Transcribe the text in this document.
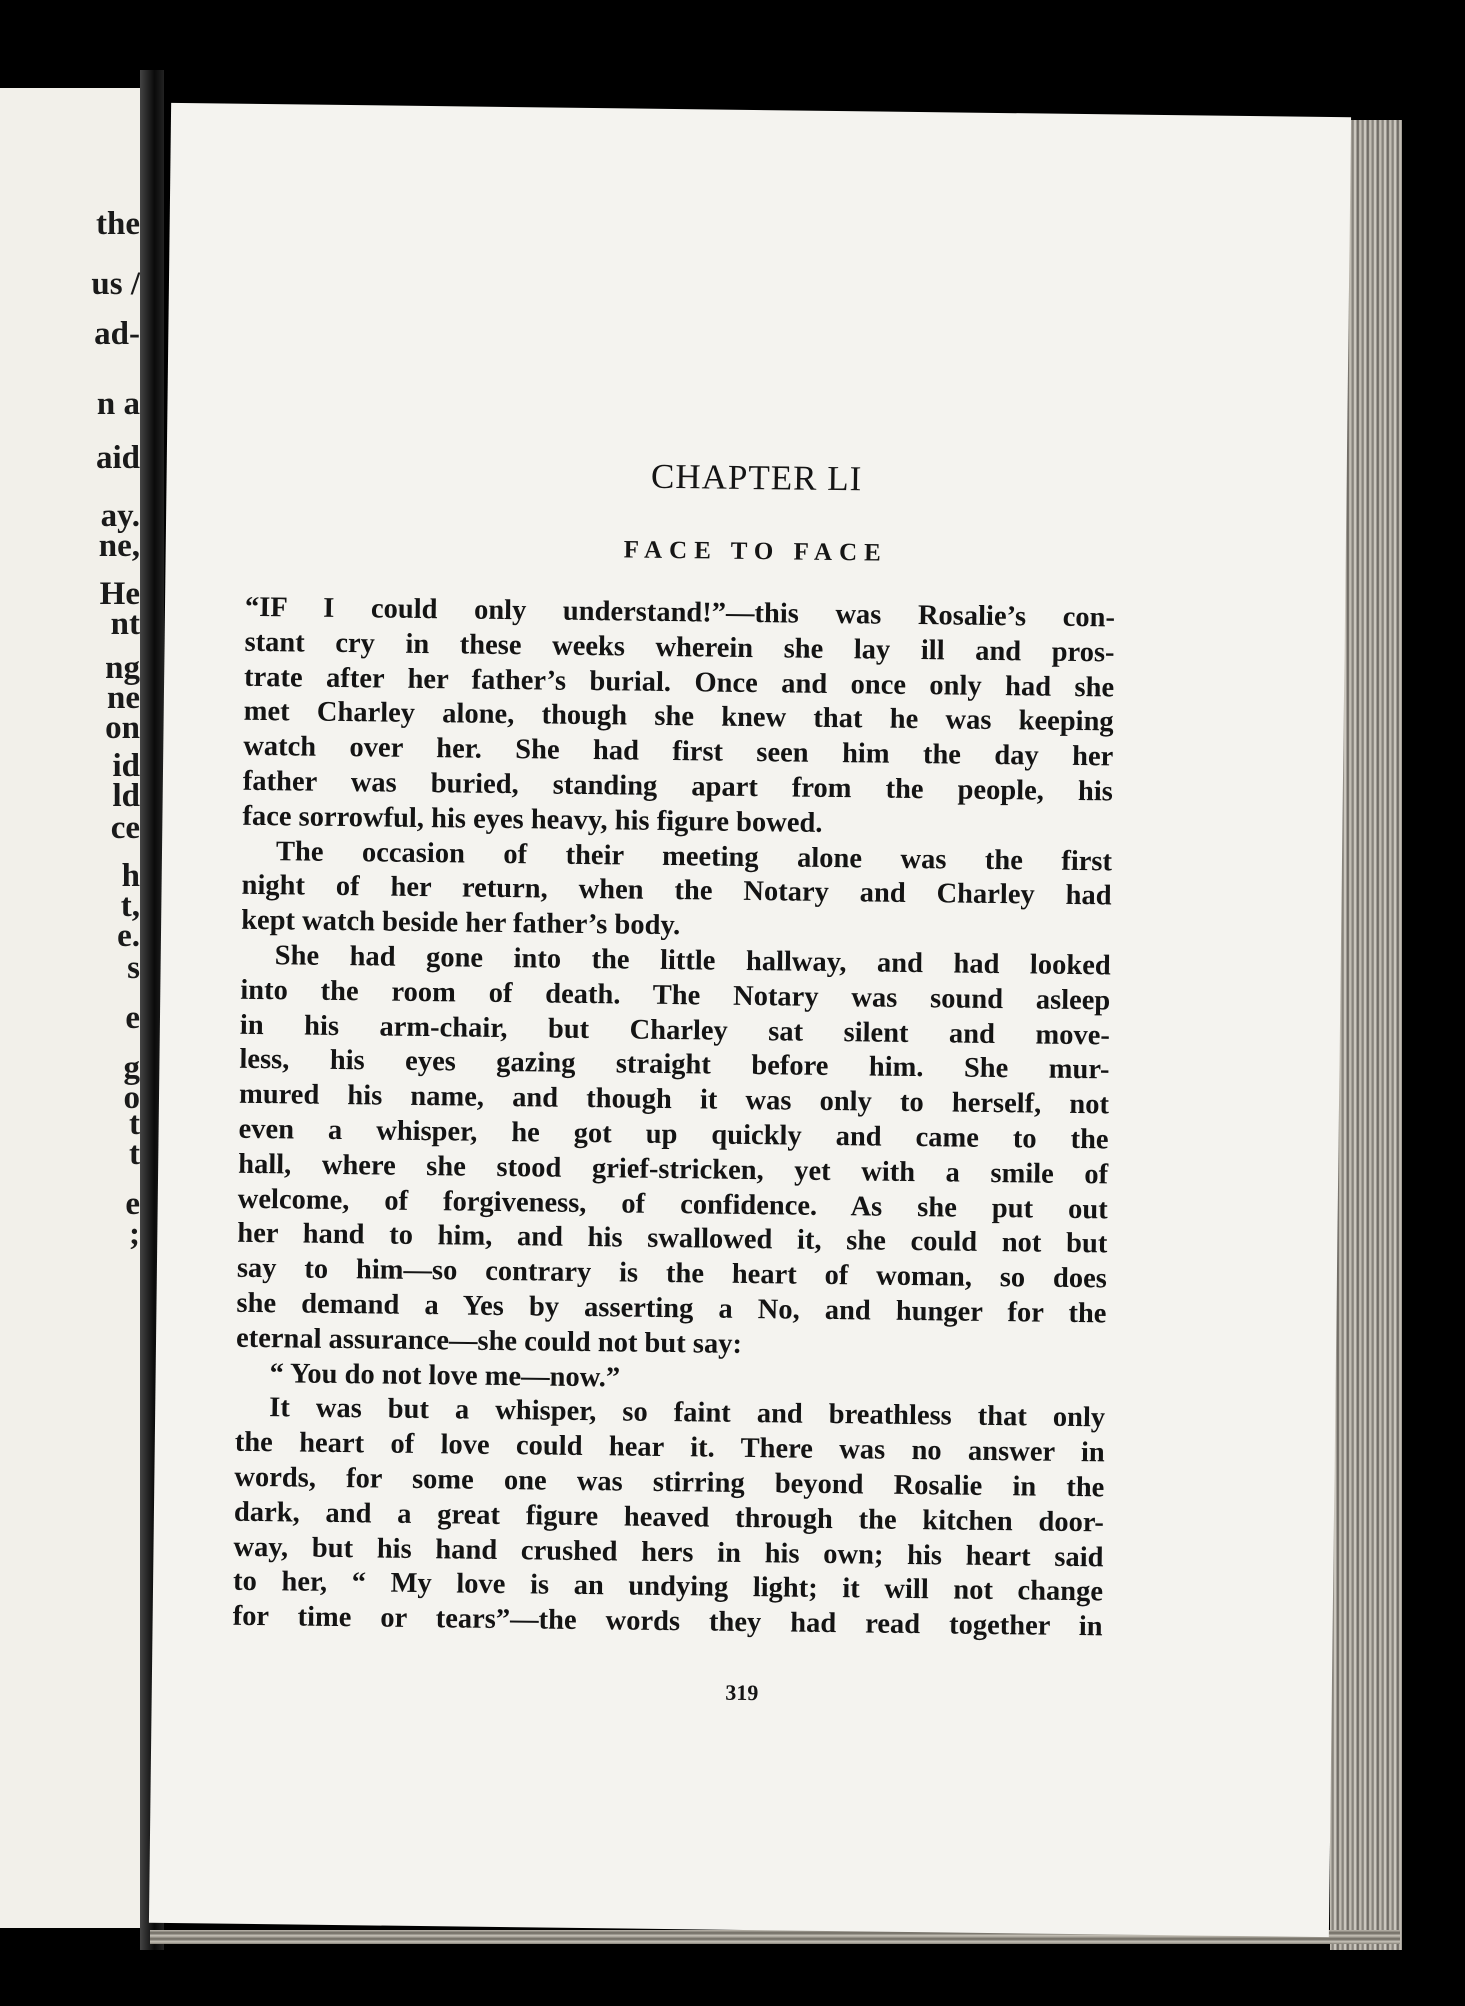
the
us /
ad-
n a
aid
ay.
ne,
He
nt
ng
ne
on
id
ld
ce
h
t,
e.
s
e
g
o
t
t
e
;
CHAPTER LI
FACE TO FACE
“IF I could only understand!”—this was Rosalie’s con-
stant cry in these weeks wherein she lay ill and pros-
trate after her father’s burial. Once and once only had she
met Charley alone, though she knew that he was keeping
watch over her. She had first seen him the day her
father was buried, standing apart from the people, his
face sorrowful, his eyes heavy, his figure bowed.
The occasion of their meeting alone was the first
night of her return, when the Notary and Charley had
kept watch beside her father’s body.
She had gone into the little hallway, and had looked
into the room of death. The Notary was sound asleep
in his arm-chair, but Charley sat silent and move-
less, his eyes gazing straight before him. She mur-
mured his name, and though it was only to herself, not
even a whisper, he got up quickly and came to the
hall, where she stood grief-stricken, yet with a smile of
welcome, of forgiveness, of confidence. As she put out
her hand to him, and his swallowed it, she could not but
say to him—so contrary is the heart of woman, so does
she demand a Yes by asserting a No, and hunger for the
eternal assurance—she could not but say:
“ You do not love me—now.”
It was but a whisper, so faint and breathless that only
the heart of love could hear it. There was no answer in
words, for some one was stirring beyond Rosalie in the
dark, and a great figure heaved through the kitchen door-
way, but his hand crushed hers in his own; his heart said
to her, “ My love is an undying light; it will not change
for time or tears”—the words they had read together in
319
